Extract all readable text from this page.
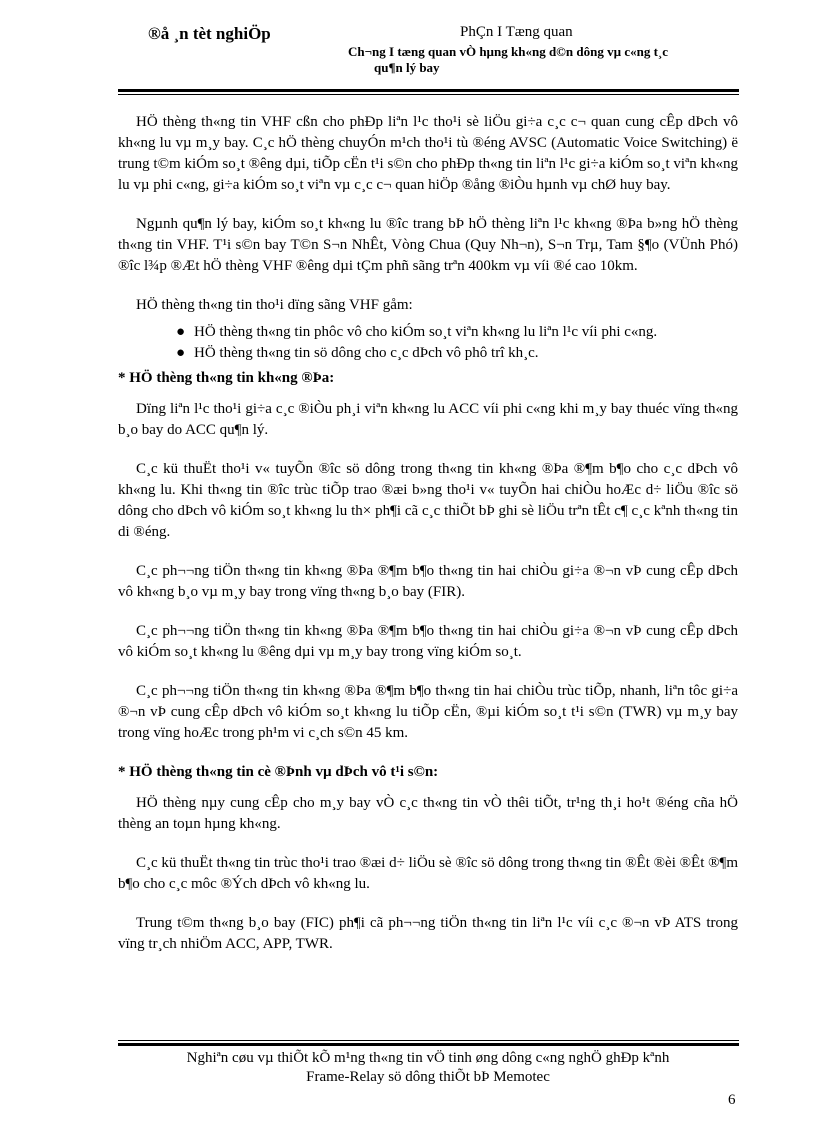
®å ¸n tèt nghiÖp	PhÇn I Tæng quan
Ch¬ng I tæng quan vÒ hµng kh«ng d©n dông vµ c«ng t¸c
qu¶n lý bay

HÖ thèng th«ng tin VHF cßn cho phÐp liªn l¹c tho¹i sè liÖu gi÷a c¸c c¬ quan cung cÊp dÞch vô kh«ng lu vµ m¸y bay. C¸c hÖ thèng chuyÓn m¹ch tho¹i tù ®éng AVSC (Automatic Voice Switching) ë trung t©m kiÓm so¸t ®êng dµi, tiÕp cËn t¹i s©n cho phÐp th«ng tin liªn l¹c gi÷a kiÓm so¸t viªn kh«ng lu vµ phi c«ng, gi÷a kiÓm so¸t viªn vµ c¸c c¬ quan hiÖp ®ång ®iÒu hµnh vµ chØ huy bay.

Ngµnh qu¶n lý bay, kiÓm so¸t kh«ng lu ®îc trang bÞ hÖ thèng liªn l¹c kh«ng ®Þa b»ng hÖ thèng th«ng tin VHF. T¹i s©n bay T©n S¬n NhÊt, Vòng Chua (Quy Nh¬n), S¬n Trµ, Tam §¶o (VÜnh Phó) ®îc l¾p ®Æt hÖ thèng VHF ®êng dµi tÇm phñ sãng trªn 400km vµ víi ®é cao 10km.

HÖ thèng th«ng tin tho¹i dïng sãng VHF gåm:

● HÖ thèng th«ng tin phôc vô cho kiÓm so¸t viªn kh«ng lu liªn l¹c víi phi c«ng.
● HÖ thèng th«ng tin sö dông cho c¸c dÞch vô phô trî kh¸c.
* HÖ thèng th«ng tin kh«ng ®Þa:

Dïng liªn l¹c tho¹i gi÷a c¸c ®iÒu ph¸i viªn kh«ng lu ACC víi phi c«ng khi m¸y bay thuéc vïng th«ng b¸o bay do ACC qu¶n lý.

C¸c kü thuËt tho¹i v« tuyÕn ®îc sö dông trong th«ng tin kh«ng ®Þa ®¶m b¶o cho c¸c dÞch vô kh«ng lu. Khi th«ng tin ®îc trùc tiÕp trao ®æi b»ng tho¹i v« tuyÕn hai chiÒu hoÆc d÷ liÖu ®îc sö dông cho dÞch vô kiÓm so¸t kh«ng lu th× ph¶i cã c¸c thiÕt bÞ ghi sè liÖu trªn tÊt c¶ c¸c kªnh th«ng tin di ®éng.

C¸c ph¬¬ng tiÖn th«ng tin kh«ng ®Þa ®¶m b¶o th«ng tin hai chiÒu gi÷a ®¬n vÞ cung cÊp dÞch vô kh«ng b¸o vµ m¸y bay trong vïng th«ng b¸o bay (FIR).

C¸c ph¬¬ng tiÖn th«ng tin kh«ng ®Þa ®¶m b¶o th«ng tin hai chiÒu gi÷a ®¬n vÞ cung cÊp dÞch vô kiÓm so¸t kh«ng lu ®êng dµi vµ m¸y bay trong vïng kiÓm so¸t.

C¸c ph¬¬ng tiÖn th«ng tin kh«ng ®Þa ®¶m b¶o th«ng tin hai chiÒu trùc tiÕp, nhanh, liªn tôc gi÷a ®¬n vÞ cung cÊp dÞch vô kiÓm so¸t kh«ng lu tiÕp cËn, ®µi kiÓm so¸t t¹i s©n (TWR) vµ m¸y bay trong vïng hoÆc trong ph¹m vi c¸ch s©n 45 km.

* HÖ thèng th«ng tin cè ®Þnh vµ dÞch vô t¹i s©n:

HÖ thèng nµy cung cÊp cho m¸y bay vÒ c¸c th«ng tin vÒ thêi tiÕt, tr¹ng th¸i ho¹t ®éng cña hÖ thèng an toµn hµng kh«ng.

C¸c kü thuËt th«ng tin trùc tho¹i trao ®æi d÷ liÖu sè ®îc sö dông trong th«ng tin ®Êt ®èi ®Êt ®¶m b¶o cho c¸c môc ®Ých dÞch vô kh«ng lu.

Trung t©m th«ng b¸o bay (FIC) ph¶i cã ph¬¬ng tiÖn th«ng tin liªn l¹c víi c¸c ®¬n vÞ ATS trong vïng tr¸ch nhiÖm ACC, APP, TWR.

Nghiªn cøu vµ thiÕt kÕ m¹ng th«ng tin vÖ tinh øng dông c«ng nghÖ ghÐp kªnh
Frame-Relay sö dông thiÕt bÞ Memotec
6
